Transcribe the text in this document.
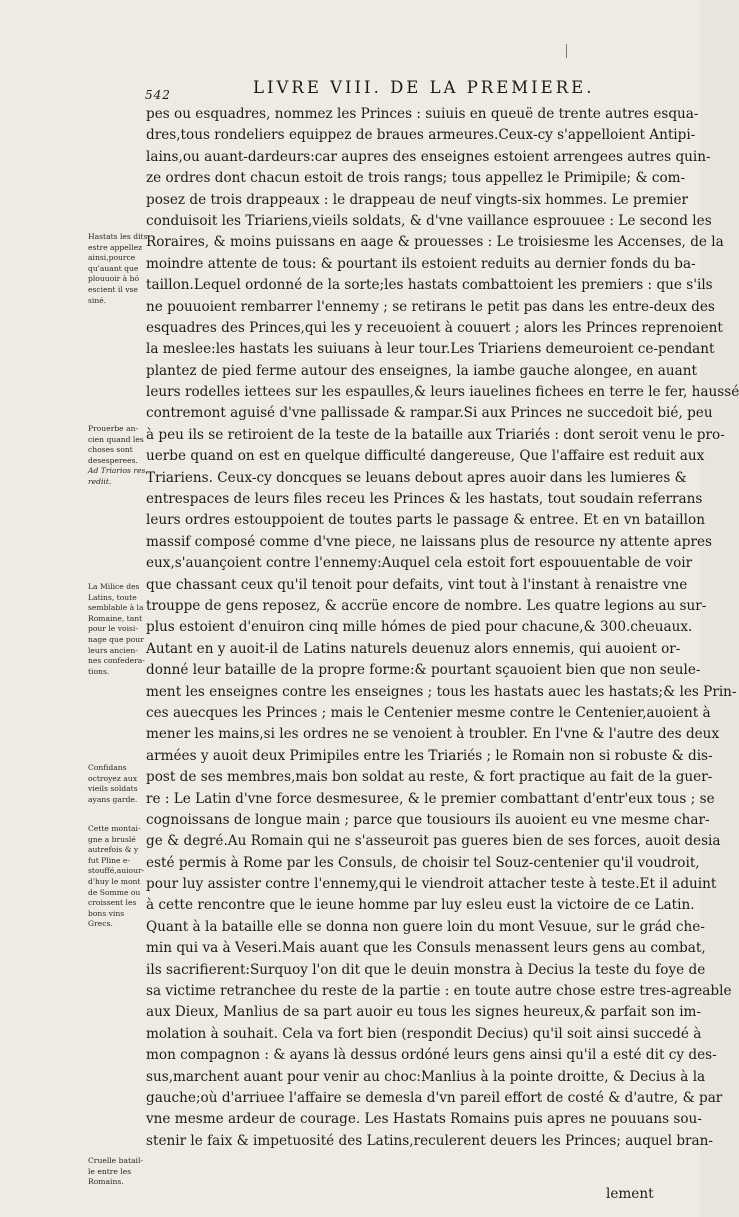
542	LIVRE VIII. DE LA PREMIERE.
pes ou esquadres, nommez les Princes : suiuis en queuë de trente autres esqua-
dres,tous rondeliers equippez de braues armeures.Ceux-cy s'appelloient Antipi-
lains,ou auant-dardeurs:car aupres des enseignes estoient arrengees autres quin-
ze ordres dont chacun estoit de trois rangs; tous appellez le Primipile; & com-
posez de trois drappeaux : le drappeau de neuf vingts-six hommes. Le premier
conduisoit les Triariens,vieils soldats, & d'vne vaillance esprouuee : Le second les
Roraires, & moins puissans en aage & prouesses : Le troisiesme les Accenses, de la
moindre attente de tous: & pourtant ils estoient reduits au dernier fonds du ba-
taillon.Lequel ordonné de la sorte;les hastats combattoient les premiers : que s'ils
ne pouuoient rembarrer l'ennemy ; se retirans le petit pas dans les entre-deux des
esquadres des Princes,qui les y receuoient à couuert ; alors les Princes reprenoient
la meslee:les hastats les suiuans à leur tour.Les Triariens demeuroient ce-pendant
plantez de pied ferme autour des enseignes, la iambe gauche alongee, en auant
leurs rodelles iettees sur les espaulles,& leurs iauelines fichees en terre le fer, haussé
contremont aguisé d'vne pallissade & rampar.Si aux Princes ne succedoit bié, peu
à peu ils se retiroient de la teste de la bataille aux Triariés : dont seroit venu le pro-
uerbe quand on est en quelque difficulté dangereuse, Que l'affaire est reduit aux
Triariens. Ceux-cy doncques se leuans debout apres auoir dans les lumieres &
entrespaces de leurs files receu les Princes & les hastats, tout soudain referrans
leurs ordres estouppoient de toutes parts le passage & entree. Et en vn bataillon
massif composé comme d'vne piece, ne laissans plus de resource ny attente apres
eux,s'auançoient contre l'ennemy:Auquel cela estoit fort espouuentable de voir
que chassant ceux qu'il tenoit pour defaits, vint tout à l'instant à renaistre vne
trouppe de gens reposez, & accrüe encore de nombre. Les quatre legions au sur-
plus estoient d'enuiron cinq mille hómes de pied pour chacune,& 300.cheuaux.
Autant en y auoit-il de Latins naturels deuenuz alors ennemis, qui auoient or-
donné leur bataille de la propre forme:& pourtant sçauoient bien que non seule-
ment les enseignes contre les enseignes ; tous les hastats auec les hastats;& les Prin-
ces auecques les Princes ; mais le Centenier mesme contre le Centenier,auoient à
mener les mains,si les ordres ne se venoient à troubler. En l'vne & l'autre des deux
armées y auoit deux Primipiles entre les Triariés ; le Romain non si robuste & dis-
post de ses membres,mais bon soldat au reste, & fort practique au fait de la guer-
re : Le Latin d'vne force desmesuree, & le premier combattant d'entr'eux tous ; se
cognoissans de longue main ; parce que tousiours ils auoient eu vne mesme char-
ge & degré.Au Romain qui ne s'asseuroit pas gueres bien de ses forces, auoit desia
esté permis à Rome par les Consuls, de choisir tel Souz-centenier qu'il voudroit,
pour luy assister contre l'ennemy,qui le viendroit attacher teste à teste.Et il aduint
à cette rencontre que le ieune homme par luy esleu eust la victoire de ce Latin.
Quant à la bataille elle se donna non guere loin du mont Vesuue, sur le grád che-
min qui va à Veseri.Mais auant que les Consuls menassent leurs gens au combat,
ils sacrifierent:Surquoy l'on dit que le deuin monstra à Decius la teste du foye de
sa victime retranchee du reste de la partie : en toute autre chose estre tres-agreable
aux Dieux, Manlius de sa part auoir eu tous les signes heureux,& parfait son im-
molation à souhait. Cela va fort bien (respondit Decius) qu'il soit ainsi succedé à
mon compagnon : & ayans là dessus ordóné leurs gens ainsi qu'il a esté dit cy des-
sus,marchent auant pour venir au choc:Manlius à la pointe droitte, & Decius à la
gauche;où d'arriuee l'affaire se demesla d'vn pareil effort de costé & d'autre, & par
vne mesme ardeur de courage. Les Hastats Romains puis apres ne pouuans sou-
stenir le faix & impetuosité des Latins,reculerent deuers les Princes; auquel bran-
Hastats les dits
estre appellez
ainsi,pource
qu'auant que
plouuoir à bó
escient il vse
siné.
Prouerbe an-
cien quand les
choses sont
desesperees.
Ad Triarios res
rediit.
La Milice des
Latins, toute
semblable à la
Romaine, tant
pour le voisi-
nage que pour
leurs ancien-
nes confedera-
tions.
Confidans
octroyez aux
vieils soldats
ayans garde.
Cette montai-
gne a bruslé
autrefois & y
fut Pline e-
stouffé,auiour-
d'huy le mont
de Somme ou
croissent les
bons vins
Grecs.
Cruelle batail-
le entre les
Romains.
lement
